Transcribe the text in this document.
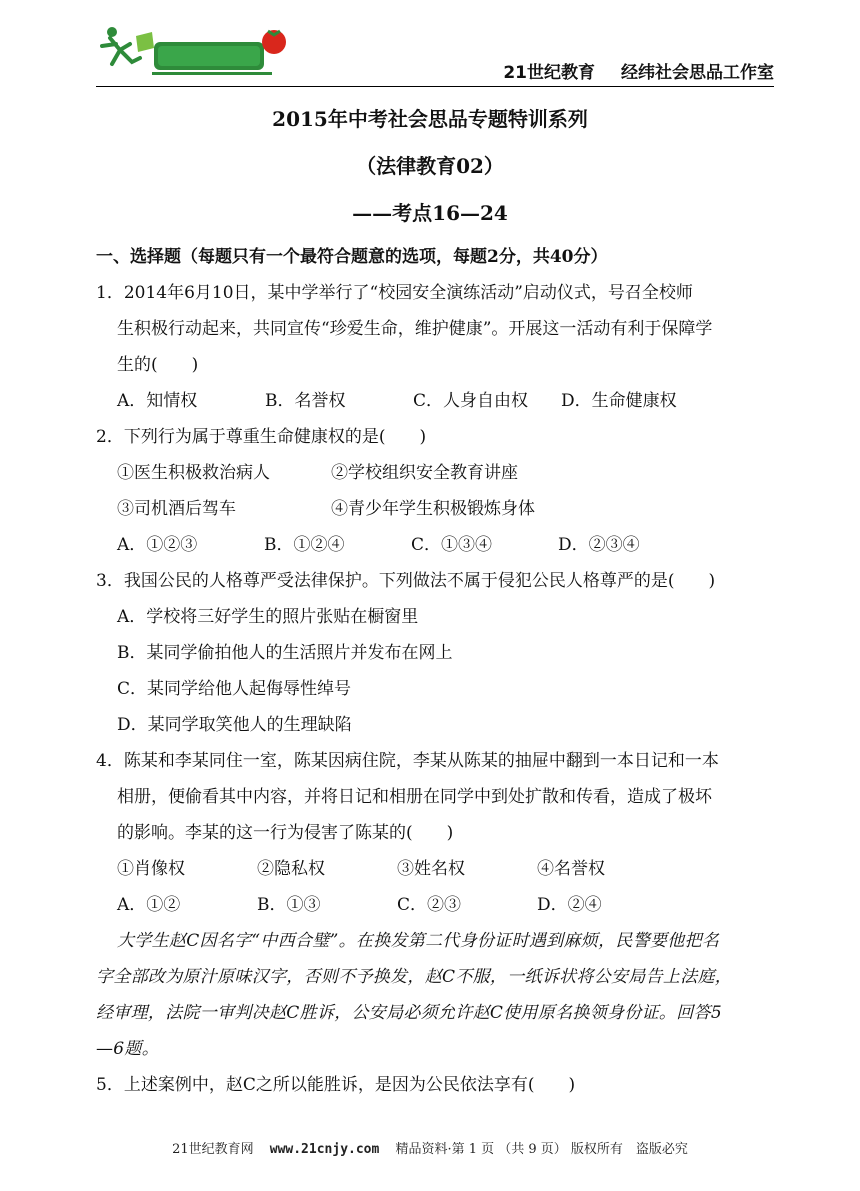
21世纪教育 经纬社会思品工作室
2015年中考社会思品专题特训系列
（法律教育02）
——考点16—24
一、选择题（每题只有一个最符合题意的选项，每题2分，共40分）
1．2014年6月10日，某中学举行了“校园安全演练活动”启动仪式，号召全校师
生积极行动起来，共同宣传“珍爱生命，维护健康”。开展这一活动有利于保障学
生的(　　)
A．知情权	B．名誉权	C．人身自由权 D．生命健康权
2．下列行为属于尊重生命健康权的是(　　)
①医生积极救治病人	②学校组织安全教育讲座
③司机酒后驾车	④青少年学生积极锻炼身体
A．①②③	B．①②④	C．①③④	D．②③④
3．我国公民的人格尊严受法律保护。下列做法不属于侵犯公民人格尊严的是(　　)
A．学校将三好学生的照片张贴在橱窗里
B．某同学偷拍他人的生活照片并发布在网上
C．某同学给他人起侮辱性绰号
D．某同学取笑他人的生理缺陷
4．陈某和李某同住一室，陈某因病住院，李某从陈某的抽屉中翻到一本日记和一本
相册，便偷看其中内容，并将日记和相册在同学中到处扩散和传看，造成了极坏
的影响。李某的这一行为侵害了陈某的(　　)
①肖像权	②隐私权	③姓名权	④名誉权
A．①②	B．①③	C．②③	D．②④
大学生赵C因名字“中西合璧”。在换发第二代身份证时遇到麻烦，民警要他把名
字全部改为原汁原味汉字，否则不予换发，赵C不服，一纸诉状将公安局告上法庭，
经审理，法院一审判决赵C胜诉，公安局必须允许赵C使用原名换领身份证。回答5
—6题。
5．上述案例中，赵C之所以能胜诉，是因为公民依法享有(　　)
21世纪教育网 www.21cnjy.com 精品资料·第 1 页 （共 9 页） 版权所有　盗版必究
